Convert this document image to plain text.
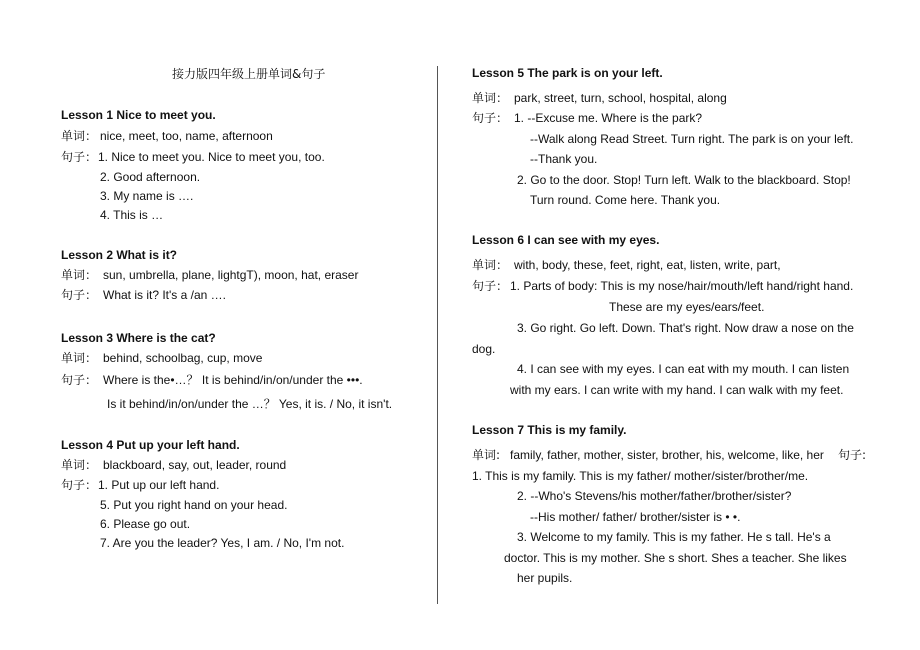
接力版四年级上册单词&句子
Lesson 1 Nice to meet you.
单词： nice, meet, too, name, afternoon
句子： 1. Nice to meet you. Nice to meet you, too.
2. Good afternoon.
3. My name is ….
4. This is …
Lesson 2 What is it?
单词： sun, umbrella, plane, lightgT), moon, hat, eraser
句子： What is it? It's a /an ….
Lesson 3 Where is the cat?
单词： behind, schoolbag, cup, move
句子： Where is the•…？ It is behind/in/on/under the •••.
Is it behind/in/on/under the …？ Yes, it is. / No, it isn't.
Lesson 4 Put up your left hand.
单词： blackboard, say, out, leader, round
句子： 1. Put up our left hand.
5. Put you right hand on your head.
6. Please go out.
7. Are you the leader? Yes, I am. / No, I'm not.
Lesson 5 The park is on your left.
单词： park, street, turn, school, hospital, along
句子： 1. --Excuse me. Where is the park?
--Walk along Read Street. Turn right. The park is on your left.
--Thank you.
2. Go to the door. Stop! Turn left. Walk to the blackboard. Stop!
Turn round. Come here. Thank you.
Lesson 6 I can see with my eyes.
单词： with, body, these, feet, right, eat, listen, write, part,
句子： 1. Parts of body: This is my nose/hair/mouth/left hand/right hand.
These are my eyes/ears/feet.
3. Go right. Go left. Down. That's right. Now draw a nose on the
dog.
4. I can see with my eyes. I can eat with my mouth. I can listen
with my ears. I can write with my hand. I can walk with my feet.
Lesson 7 This is my family.
单词: family, father, mother, sister, brother, his, welcome, like, her 句子:
1. This is my family. This is my father/ mother/sister/brother/me.
2. --Who's Stevens/his mother/father/brother/sister?
--His mother/ father/ brother/sister is • •.
3. Welcome to my family. This is my father. He s tall. He's a
doctor. This is my mother. She s short. Shes a teacher. She likes
her pupils.
